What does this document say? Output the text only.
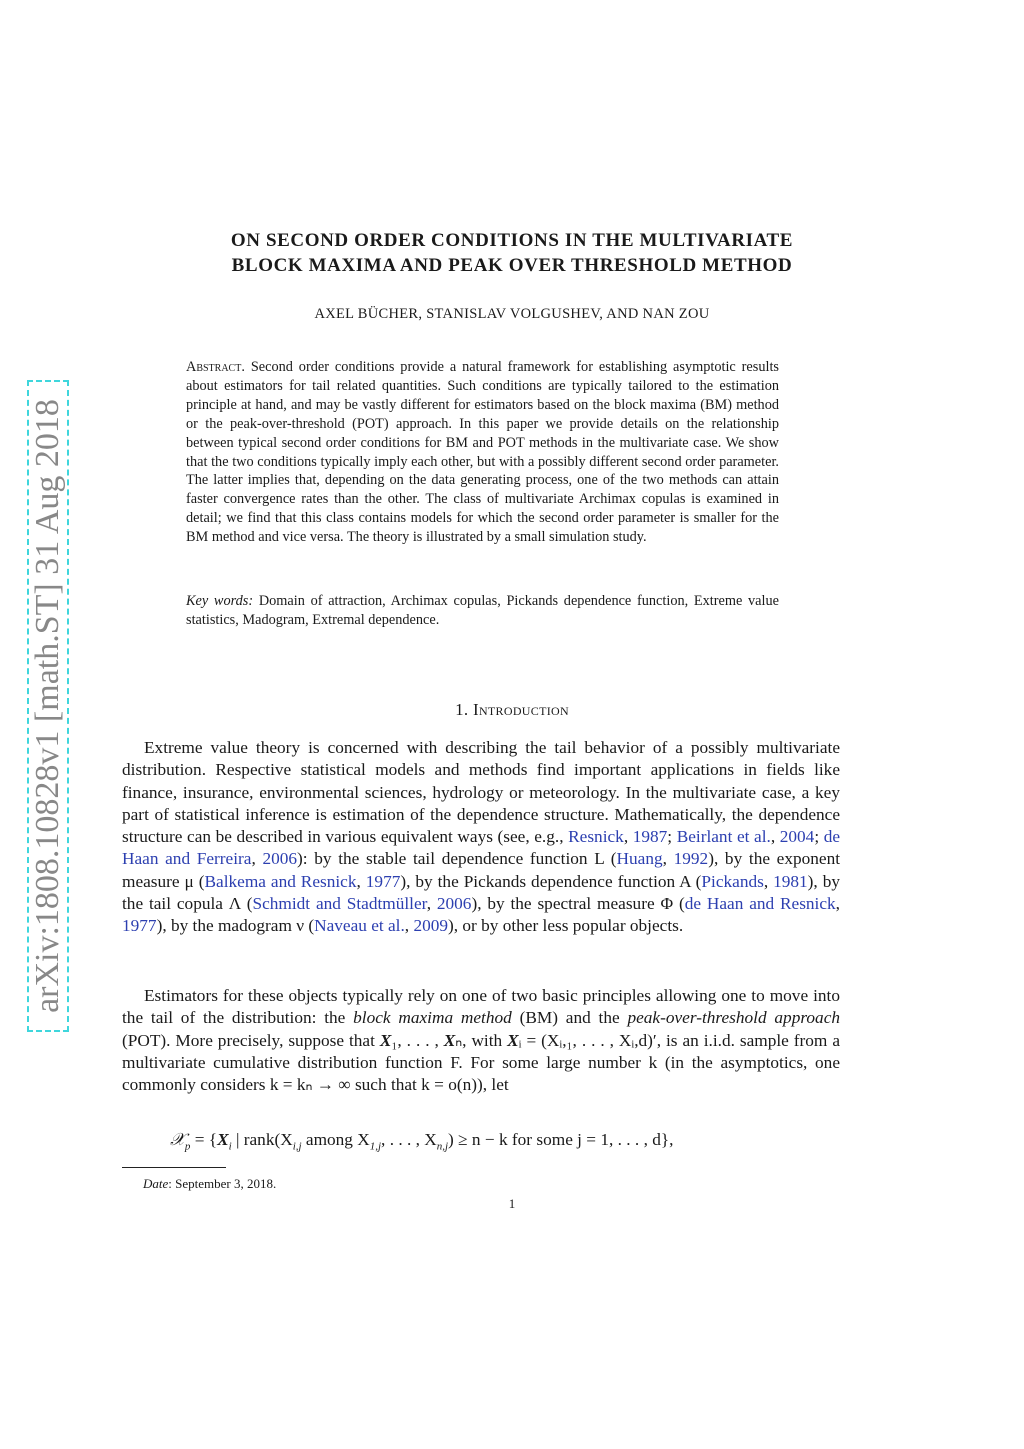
arXiv:1808.10828v1 [math.ST] 31 Aug 2018
ON SECOND ORDER CONDITIONS IN THE MULTIVARIATE
BLOCK MAXIMA AND PEAK OVER THRESHOLD METHOD
AXEL BÜCHER, STANISLAV VOLGUSHEV, AND NAN ZOU
Abstract. Second order conditions provide a natural framework for establishing asymptotic results about estimators for tail related quantities. Such conditions are typically tailored to the estimation principle at hand, and may be vastly different for estimators based on the block maxima (BM) method or the peak-over-threshold (POT) approach. In this paper we provide details on the relationship between typical second order conditions for BM and POT methods in the multivariate case. We show that the two conditions typically imply each other, but with a possibly different second order parameter. The latter implies that, depending on the data generating process, one of the two methods can attain faster convergence rates than the other. The class of multivariate Archimax copulas is examined in detail; we find that this class contains models for which the second order parameter is smaller for the BM method and vice versa. The theory is illustrated by a small simulation study.
Key words: Domain of attraction, Archimax copulas, Pickands dependence function, Extreme value statistics, Madogram, Extremal dependence.
1. Introduction
Extreme value theory is concerned with describing the tail behavior of a possibly multivariate distribution. Respective statistical models and methods find important applications in fields like finance, insurance, environmental sciences, hydrology or meteorology. In the multivariate case, a key part of statistical inference is estimation of the dependence structure. Mathematically, the dependence structure can be described in various equivalent ways (see, e.g., Resnick, 1987; Beirlant et al., 2004; de Haan and Ferreira, 2006): by the stable tail dependence function L (Huang, 1992), by the exponent measure μ (Balkema and Resnick, 1977), by the Pickands dependence function A (Pickands, 1981), by the tail copula Λ (Schmidt and Stadtmüller, 2006), by the spectral measure Φ (de Haan and Resnick, 1977), by the madogram ν (Naveau et al., 2009), or by other less popular objects.
Estimators for these objects typically rely on one of two basic principles allowing one to move into the tail of the distribution: the block maxima method (BM) and the peak-over-threshold approach (POT). More precisely, suppose that X₁, . . . , Xₙ, with Xᵢ = (Xᵢ,₁, . . . , Xᵢ,d)′, is an i.i.d. sample from a multivariate cumulative distribution function F. For some large number k (in the asymptotics, one commonly considers k = kₙ → ∞ such that k = o(n)), let
𝒳$_p$ = {$X_i$ | $rank(X_{i,j}$ among $X_{1,j}$, . . . , $X_{n,j}) \ge n - k$ for some j = 1, . . . , d},
Date: September 3, 2018.
1
